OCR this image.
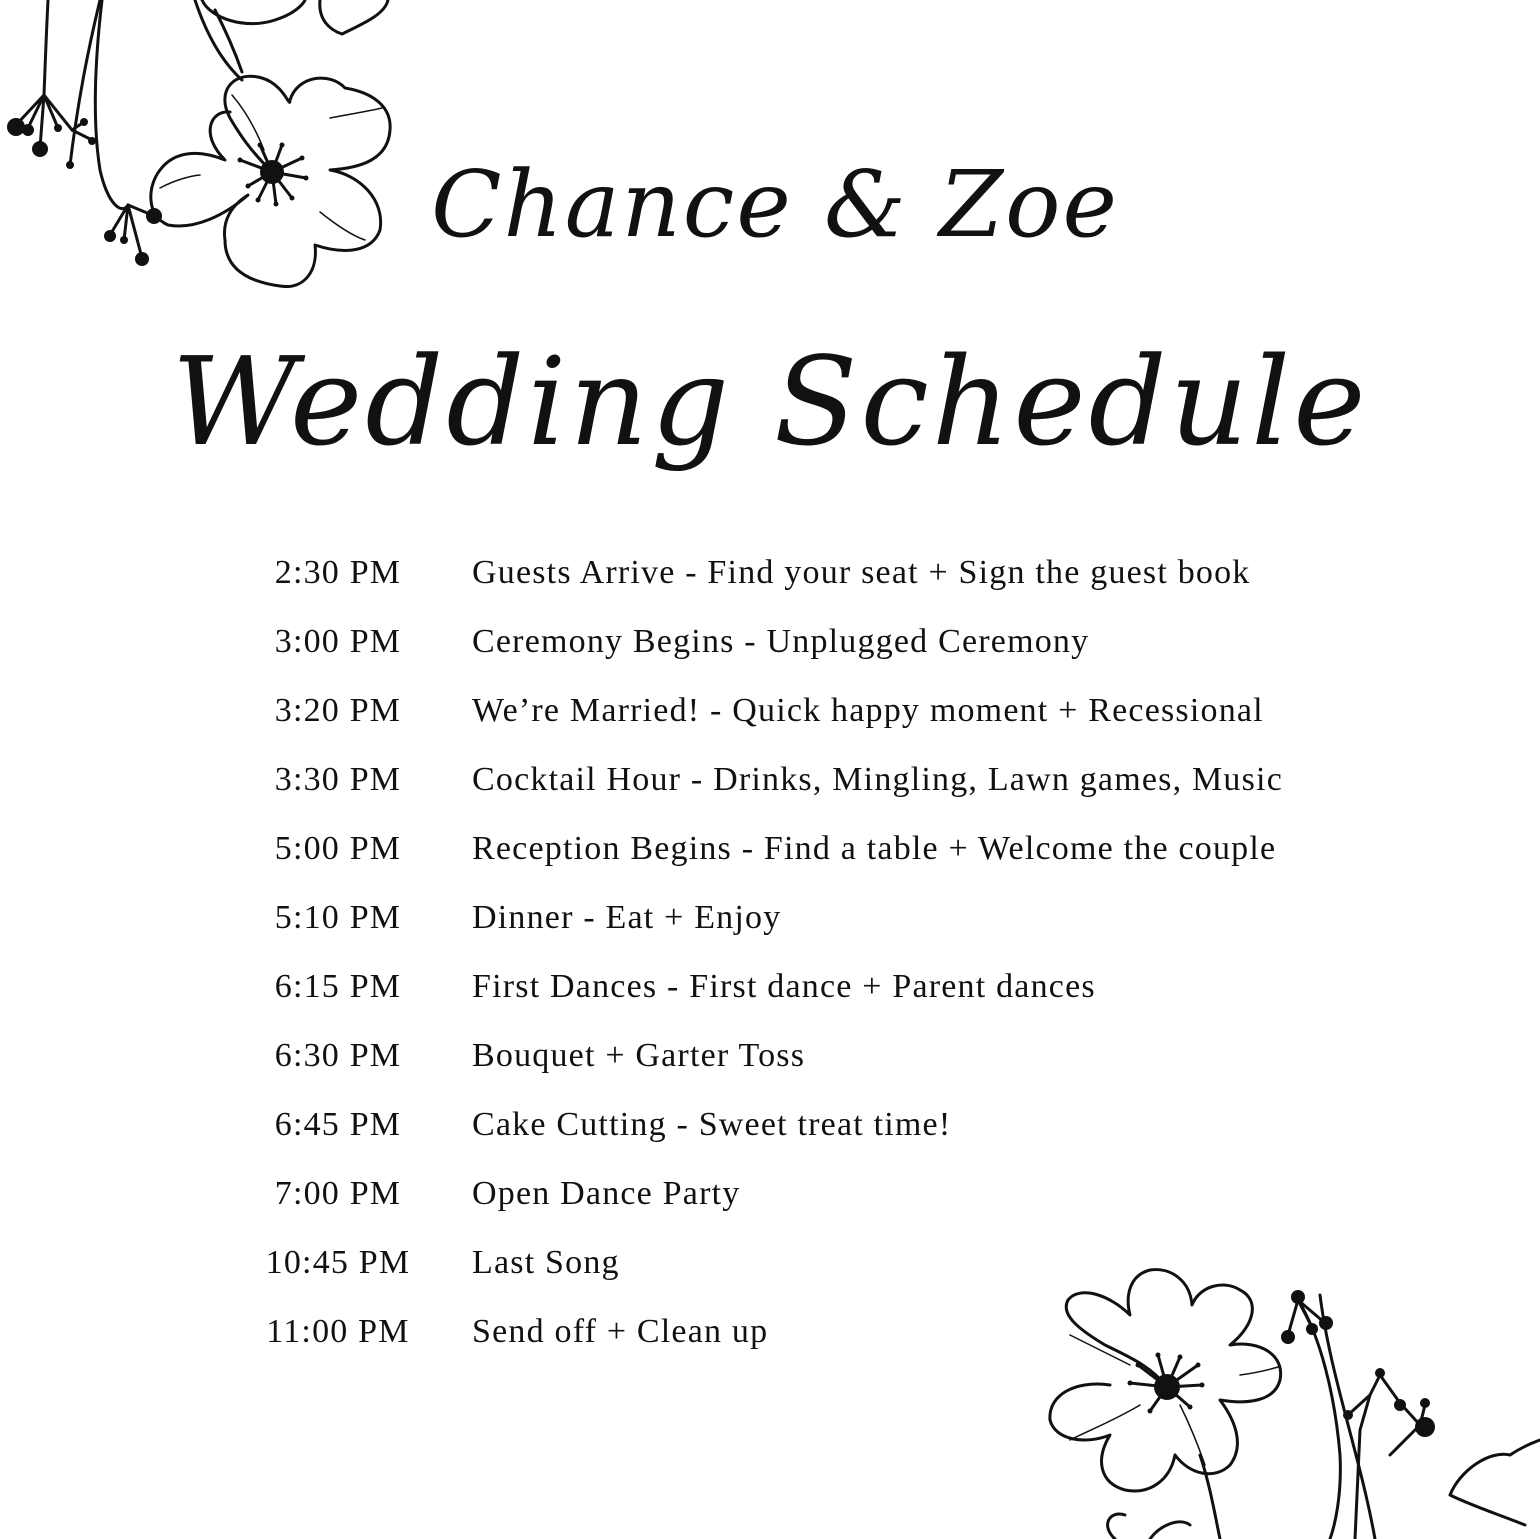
Chance & Zoe
Wedding Schedule
2:30 PM	Guests Arrive - Find your seat + Sign the guest book
3:00 PM	Ceremony Begins - Unplugged Ceremony
3:20 PM	We’re Married! - Quick happy moment + Recessional
3:30 PM	Cocktail Hour - Drinks, Mingling, Lawn games, Music
5:00 PM	Reception Begins - Find a table + Welcome the couple
5:10 PM	Dinner - Eat + Enjoy
6:15 PM	First Dances - First dance + Parent dances
6:30 PM	Bouquet + Garter Toss
6:45 PM	Cake Cutting - Sweet treat time!
7:00 PM	Open Dance Party
10:45 PM	Last Song
11:00 PM	Send off + Clean up
